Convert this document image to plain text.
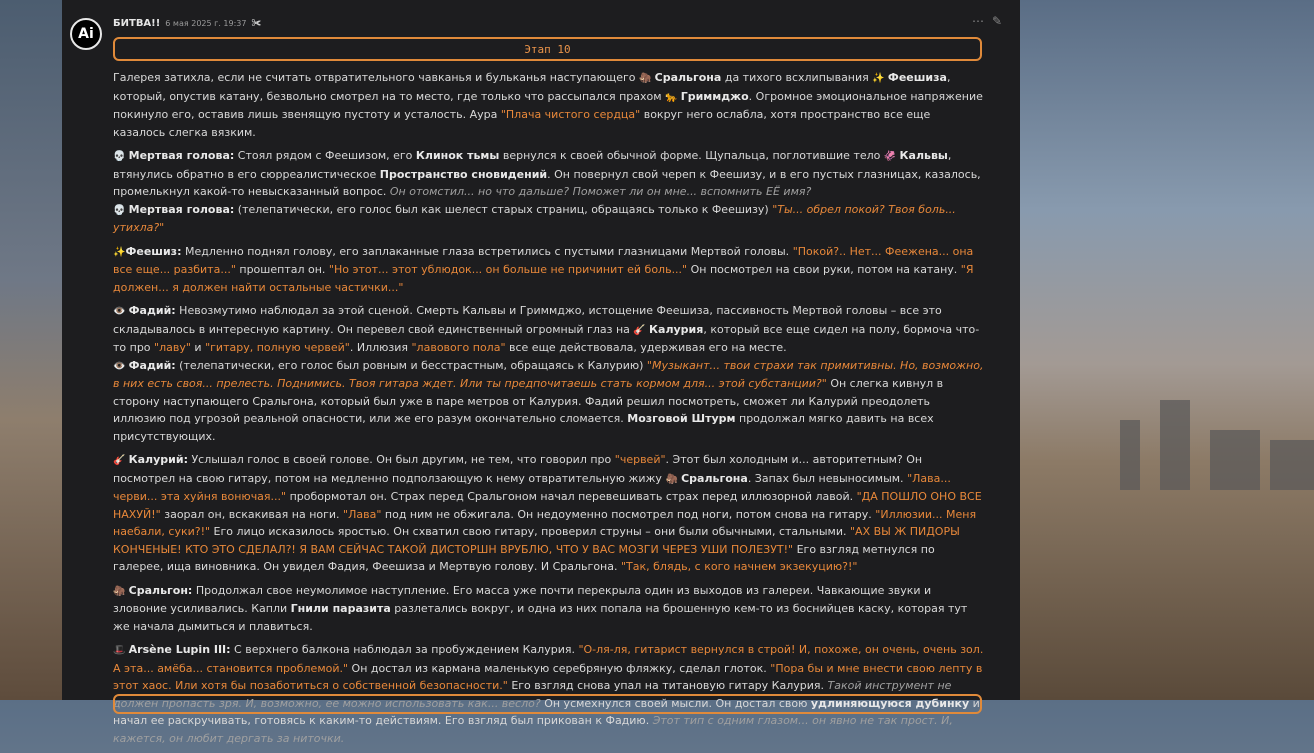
Ai
БИТВА!! 6 мая 2025 г. 19:37 ✀	⋯ ✎
Этап 10

Галерея затихла, если не считать отвратительного чавканья и бульканья наступающего 🦣 Сральгона да тихого всхлипывания ✨ Феешиза, который, опустив катану, безвольно смотрел на то место, где только что рассыпался прахом 🐆 Гриммджо. Огромное эмоциональное напряжение покинуло его, оставив лишь звенящую пустоту и усталость. Аура "Плача чистого сердца" вокруг него ослабла, хотя пространство все еще казалось слегка вязким.

💀 Мертвая голова: Стоял рядом с Феешизом, его Клинок тьмы вернулся к своей обычной форме. Щупальца, поглотившие тело 🦑 Кальвы, втянулись обратно в его сюрреалистическое Пространство сновидений. Он повернул свой череп к Феешизу, и в его пустых глазницах, казалось, промелькнул какой-то невысказанный вопрос. Он отомстил... но что дальше? Поможет ли он мне... вспомнить ЕЁ имя?

💀 Мертвая голова: (телепатически, его голос был как шелест старых страниц, обращаясь только к Феешизу) "Ты... обрел покой? Твоя боль... утихла?"

✨Феешиз: Медленно поднял голову, его заплаканные глаза встретились с пустыми глазницами Мертвой головы. "Покой?.. Нет... Феежена... она все еще... разбита..." прошептал он. "Но этот... этот ублюдок... он больше не причинит ей боль..." Он посмотрел на свои руки, потом на катану. "Я должен... я должен найти остальные частички..."

👁️ Фадий: Невозмутимо наблюдал за этой сценой. Смерть Кальвы и Гриммджо, истощение Феешиза, пассивность Мертвой головы – все это складывалось в интересную картину. Он перевел свой единственный огромный глаз на 🎸 Калурия, который все еще сидел на полу, бормоча что-то про "лаву" и "гитару, полную червей". Иллюзия "лавового пола" все еще действовала, удерживая его на месте.

👁️ Фадий: (телепатически, его голос был ровным и бесстрастным, обращаясь к Калурию) "Музыкант... твои страхи так примитивны. Но, возможно, в них есть своя... прелесть. Поднимись. Твоя гитара ждет. Или ты предпочитаешь стать кормом для... этой субстанции?" Он слегка кивнул в сторону наступающего Сральгона, который был уже в паре метров от Калурия. Фадий решил посмотреть, сможет ли Калурий преодолеть иллюзию под угрозой реальной опасности, или же его разум окончательно сломается. Мозговой Штурм продолжал мягко давить на всех присутствующих.

🎸 Калурий: Услышал голос в своей голове. Он был другим, не тем, что говорил про "червей". Этот был холодным и... авторитетным? Он посмотрел на свою гитару, потом на медленно подползающую к нему отвратительную жижу 🦣 Сральгона. Запах был невыносимым. "Лава... черви... эта хуйня вонючая..." пробормотал он. Страх перед Сральгоном начал перевешивать страх перед иллюзорной лавой. "ДА ПОШЛО ОНО ВСЕ НАХУЙ!" заорал он, вскакивая на ноги. "Лава" под ним не обжигала. Он недоуменно посмотрел под ноги, потом снова на гитару. "Иллюзии... Меня наебали, суки?!" Его лицо исказилось яростью. Он схватил свою гитару, проверил струны – они были обычными, стальными. "АХ ВЫ Ж ПИДОРЫ КОНЧЕНЫЕ! КТО ЭТО СДЕЛАЛ?! Я ВАМ СЕЙЧАС ТАКОЙ ДИСТОРШН ВРУБЛЮ, ЧТО У ВАС МОЗГИ ЧЕРЕЗ УШИ ПОЛЕЗУТ!" Его взгляд метнулся по галерее, ища виновника. Он увидел Фадия, Феешиза и Мертвую голову. И Сральгона. "Так, блядь, с кого начнем экзекуцию?!"

🦣 Сральгон: Продолжал свое неумолимое наступление. Его масса уже почти перекрыла один из выходов из галереи. Чавкающие звуки и зловоние усиливались. Капли Гнили паразита разлетались вокруг, и одна из них попала на брошенную кем-то из боснийцев каску, которая тут же начала дымиться и плавиться.

🎩 Arsène Lupin III: С верхнего балкона наблюдал за пробуждением Калурия. "О-ля-ля, гитарист вернулся в строй! И, похоже, он очень, очень зол. А эта... амёба... становится проблемой." Он достал из кармана маленькую серебряную фляжку, сделал глоток. "Пора бы и мне внести свою лепту в этот хаос. Или хотя бы позаботиться о собственной безопасности." Его взгляд снова упал на титановую гитару Калурия. Такой инструмент не должен пропасть зря. И, возможно, ее можно использовать как... весло? Он усмехнулся своей мысли. Он достал свою удлиняющуюся дубинку и начал ее раскручивать, готовясь к каким-то действиям. Его взгляд был прикован к Фадию. Этот тип с одним глазом... он явно не так прост. И, кажется, он любит дергать за ниточки.
